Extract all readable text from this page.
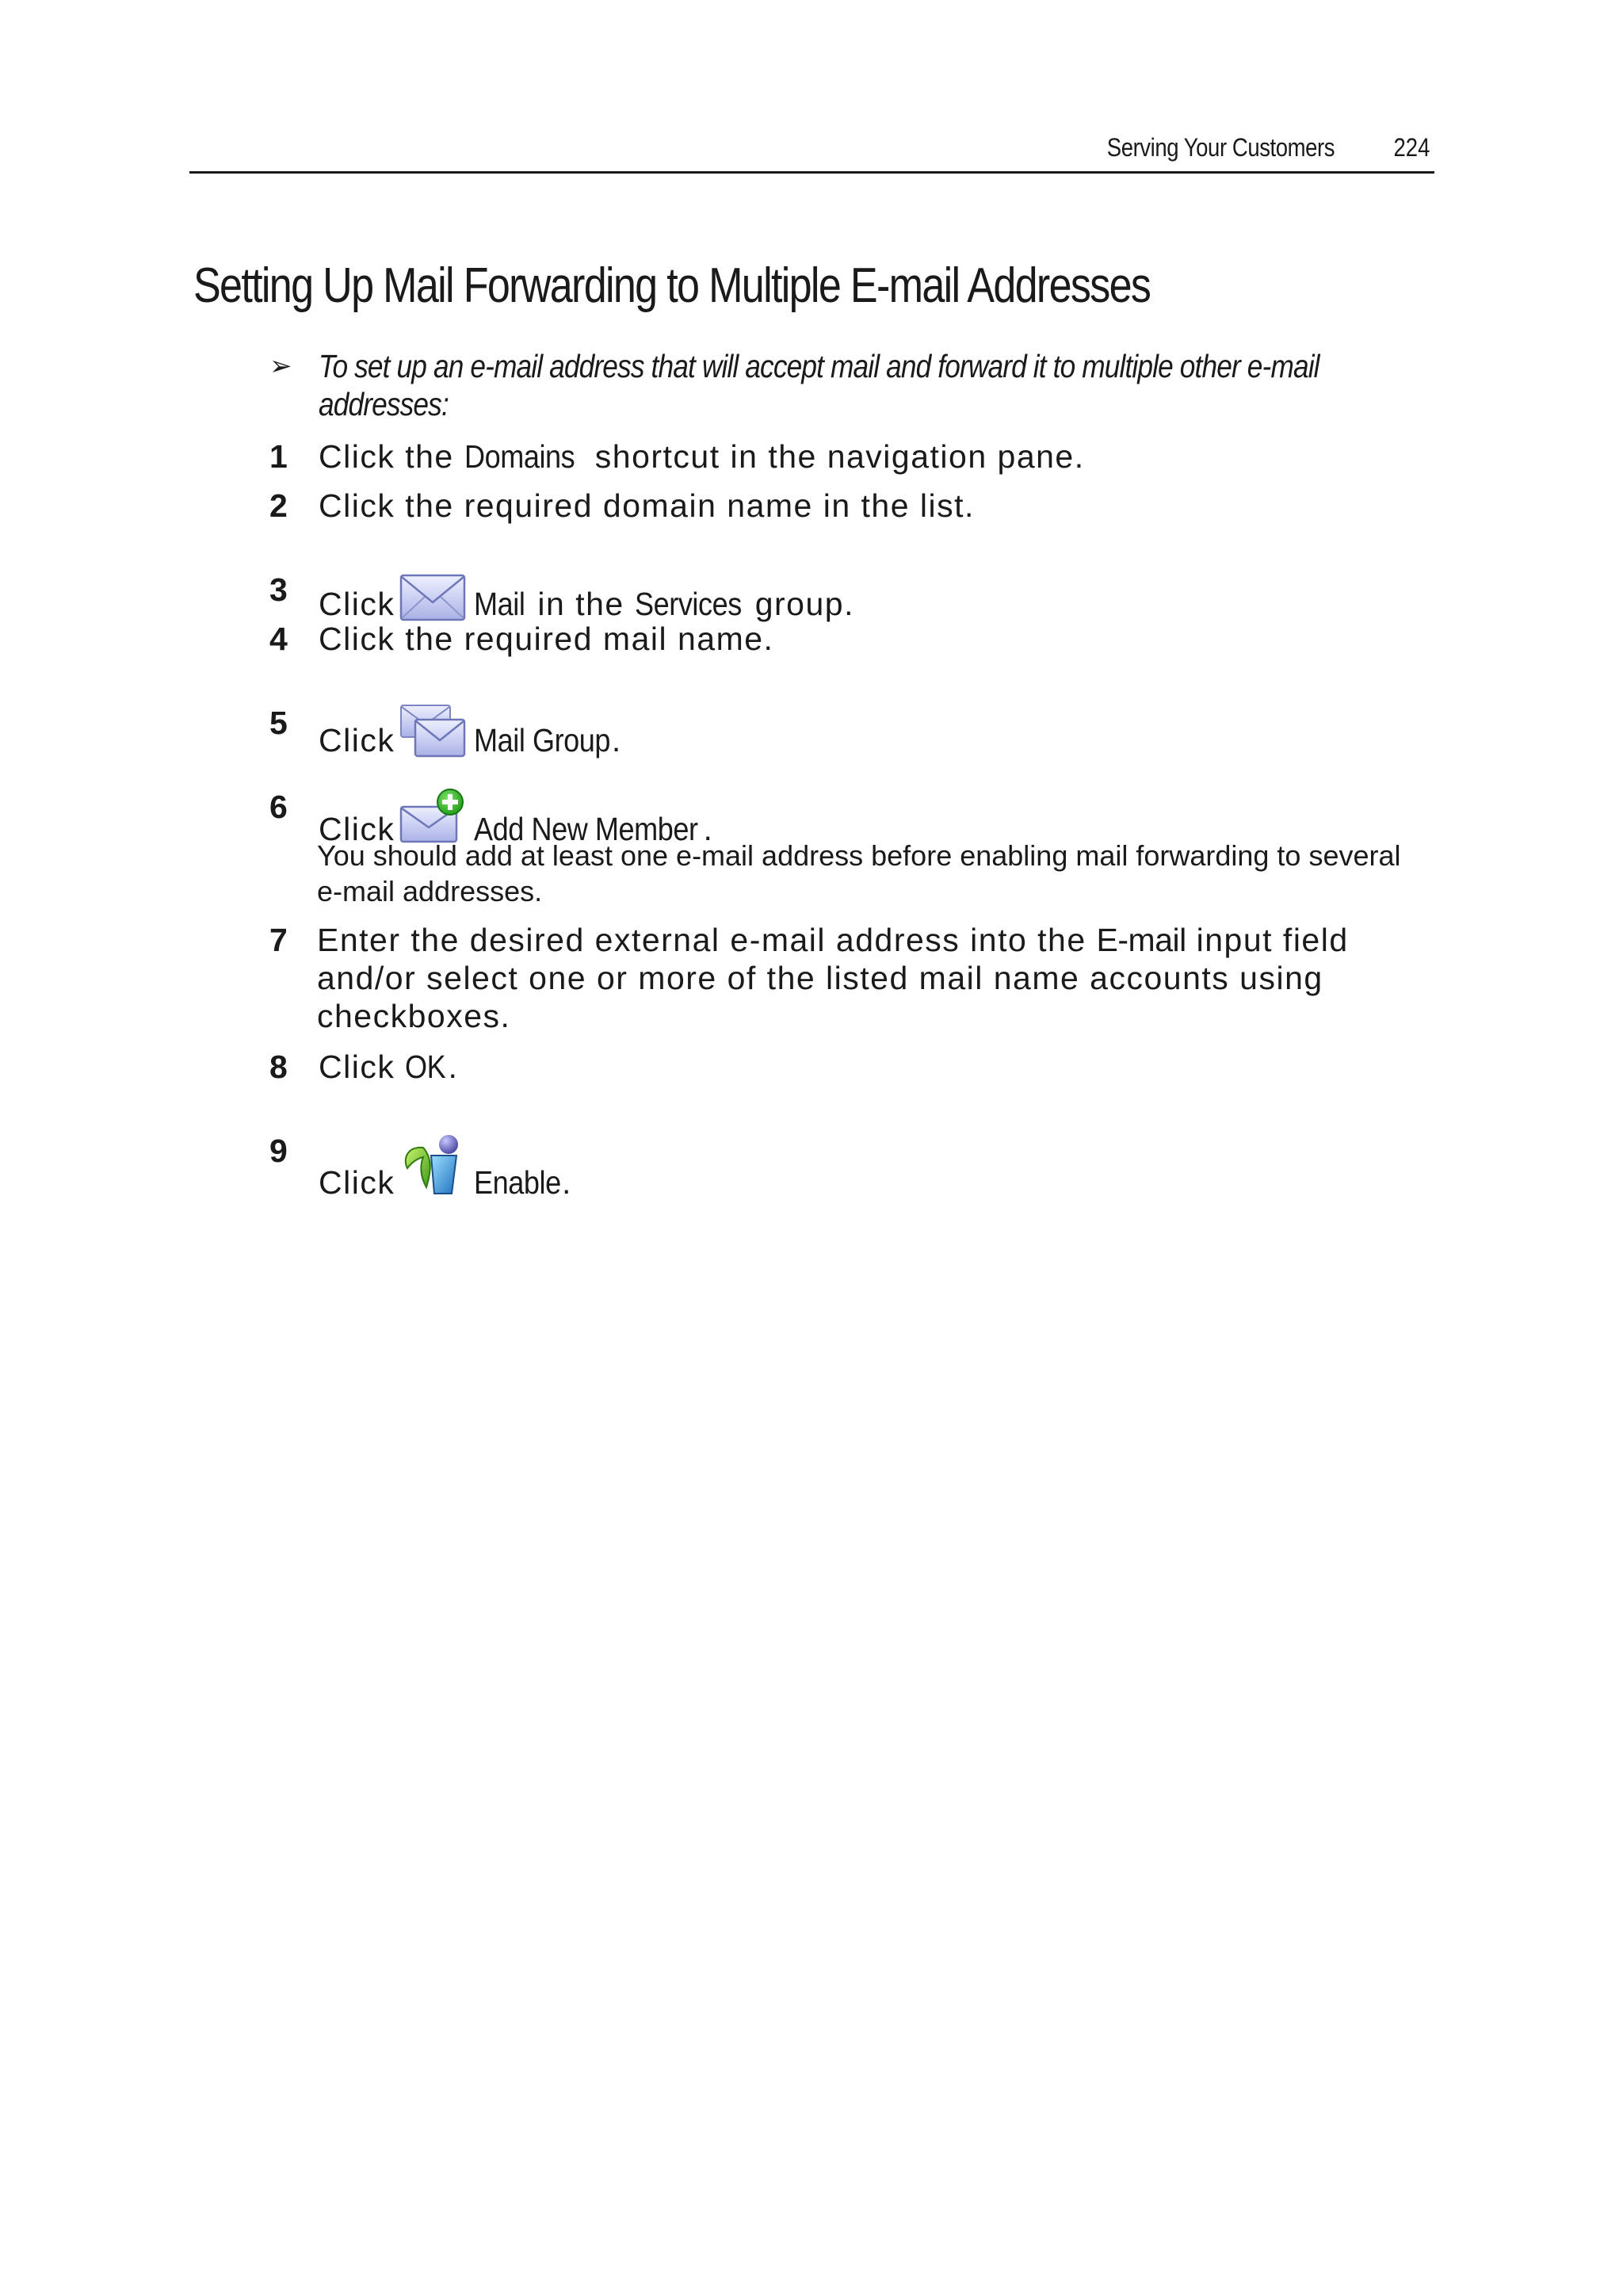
Serving Your Customers 224
Setting Up Mail Forwarding to Multiple E-mail Addresses
➢ To set up an e-mail address that will accept mail and forward it to multiple other e-mail addresses:
1 Click the Domains shortcut in the navigation pane.
2 Click the required domain name in the list.
3 Click Mail in the Services group.
4 Click the required mail name.
5 Click Mail Group.
6
Click Add New Member .
You should add at least one e-mail address before enabling mail forwarding to several e-mail addresses.
7 Enter the desired external e-mail address into the E-mail input field and/or select one or more of the listed mail name accounts using checkboxes.
8 Click OK.
9
Click Enable.
